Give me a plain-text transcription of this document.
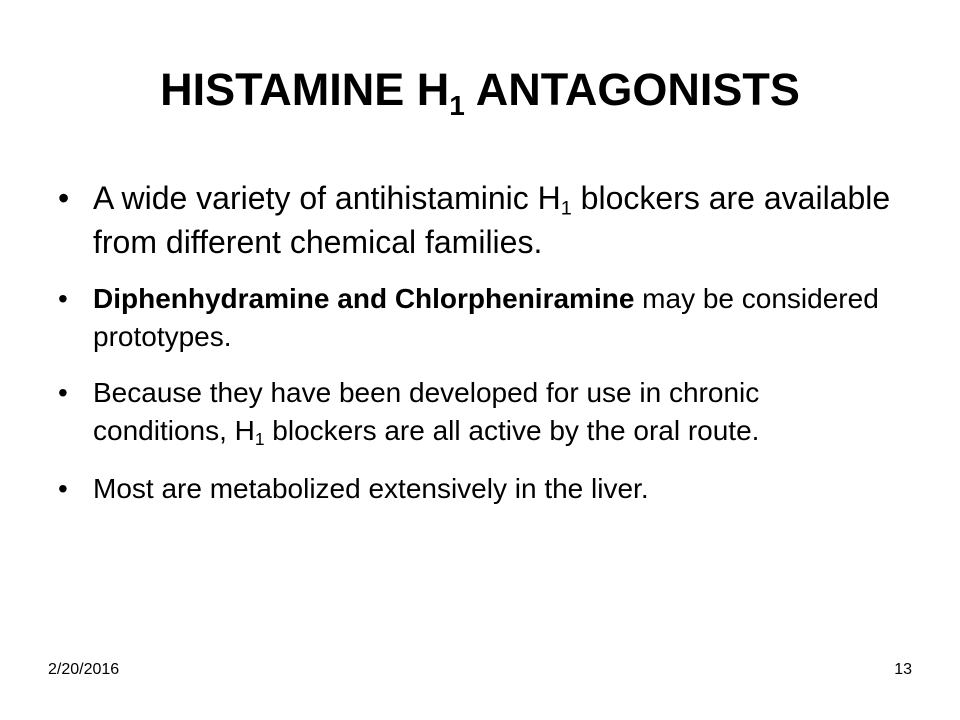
HISTAMINE $H_1$ ANTAGONISTS
• A wide variety of antihistaminic $H_1$ blockers are available from different chemical families.
• Diphenhydramine and Chlorpheniramine may be considered prototypes.
• Because they have been developed for use in chronic conditions, $H_1$ blockers are all active by the oral route.
• Most are metabolized extensively in the liver.
2/20/2016	13
